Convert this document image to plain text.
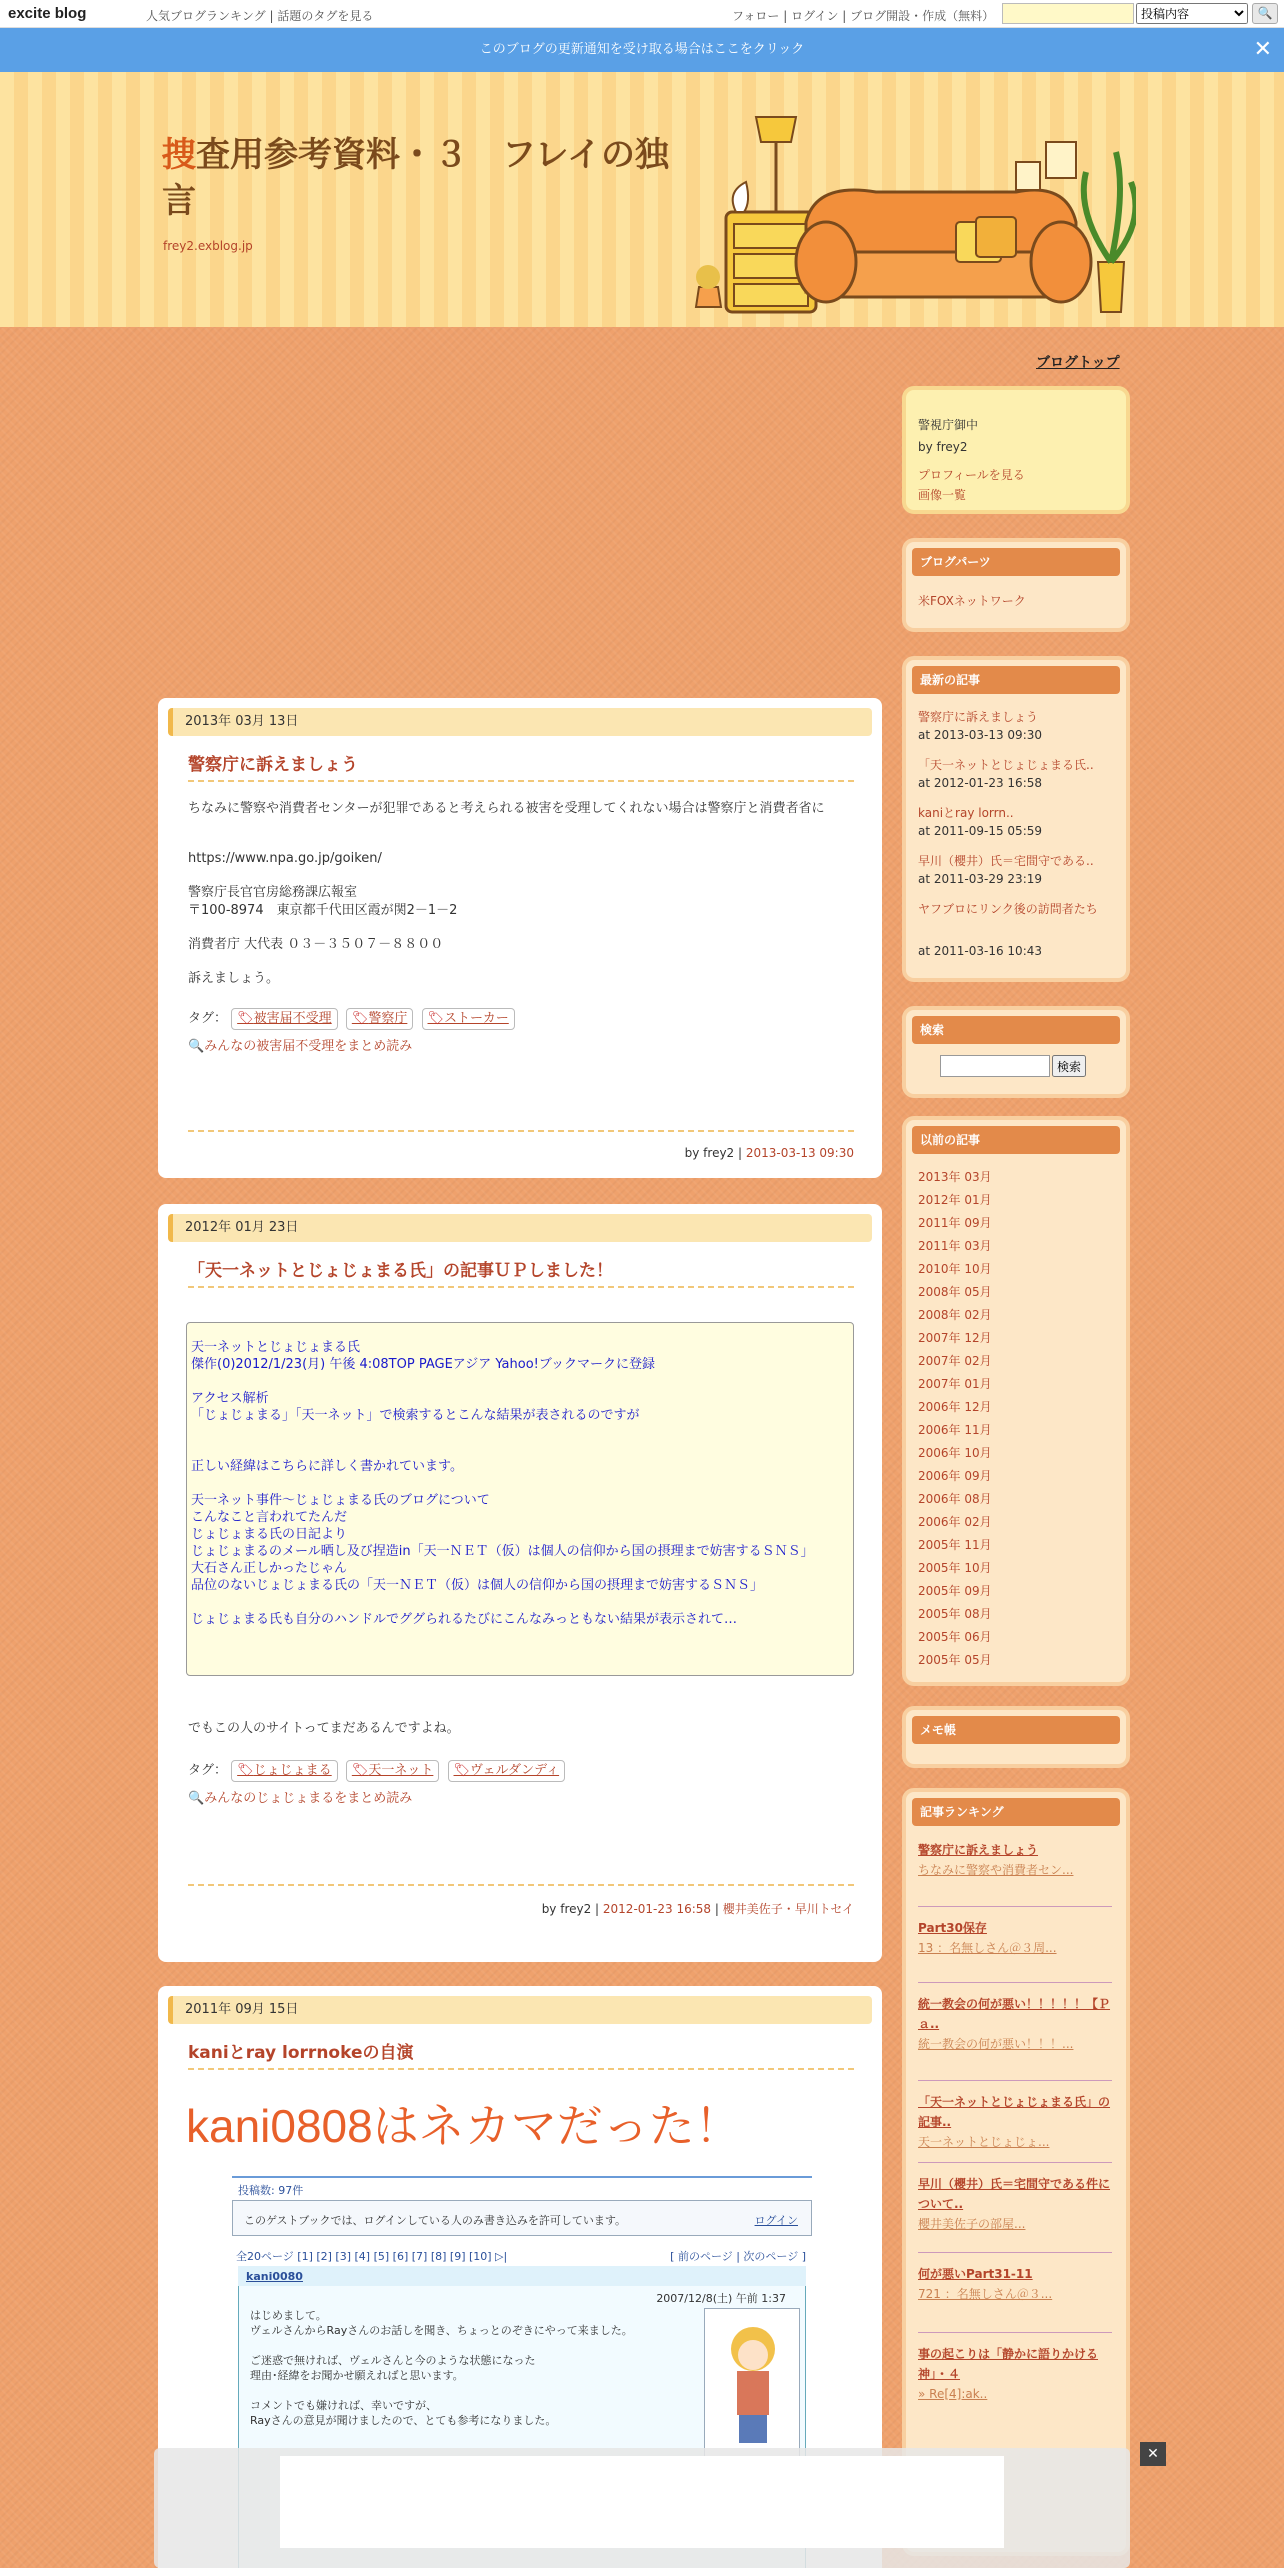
excite blog	人気ブログランキング | 話題のタグを見る	フォロー | ログイン | ブログ開設・作成（無料）
投稿内容	🔍
このブログの更新通知を受け取る場合はここをクリック	✕
捜査用参考資料・３　フレイの独言
frey2.exblog.jp
ブログトップ
2013年 03月 13日
警察庁に訴えましょう
ちなみに警察や消費者センターが犯罪であると考えられる被害を受理してくれない場合は警察庁と消費者省に
https://www.npa.go.jp/goiken/
警察庁長官官房総務課広報室
〒100-8974　東京都千代田区霞が関2－1－2
消費者庁 大代表 ０３－３５０７－８８００
訴えましょう。
タグ： 🏷被害届不受理 🏷警察庁 🏷ストーカー
🔍みんなの被害届不受理をまとめ読み
by frey2 | 2013-03-13 09:30
2012年 01月 23日
「天一ネットとじょじょまる氏」の記事ＵＰしました！
天一ネットとじょじょまる氏
傑作(0)2012/1/23(月) 午後 4:08TOP PAGEアジア Yahoo!ブックマークに登録

アクセス解析
「じょじょまる」「天一ネット」で検索するとこんな結果が表されるのですが

正しい経緯はこちらに詳しく書かれています。

天一ネット事件～じょじょまる氏のブログについて
こんなこと言われてたんだ
じょじょまる氏の日記より
じょじょまるのメール晒し及び捏造in「天一ＮＥＴ（仮）は個人の信仰から国の摂理まで妨害するＳＮＳ」
大石さん正しかったじゃん
品位のないじょじょまる氏の「天一ＮＥＴ（仮）は個人の信仰から国の摂理まで妨害するＳＮＳ」

じょじょまる氏も自分のハンドルでググられるたびにこんなみっともない結果が表示されて…
でもこの人のサイトってまだあるんですよね。
タグ： 🏷じょじょまる 🏷天一ネット 🏷ヴェルダンディ
🔍みんなのじょじょまるをまとめ読み
by frey2 | 2012-01-23 16:58 | 櫻井美佐子・早川トセイ
2011年 09月 15日
kaniとray lorrnokeの自演
kani0808はネカマだった！
投稿数: 97件
このゲストブックでは、ログインしている人のみ書き込みを許可しています。	ログイン
全20ページ [1] [2] [3] [4] [5] [6] [7] [8] [9] [10] ▷|	[ 前のページ | 次のページ ]
kani0080
2007/12/8(土) 午前 1:37
はじめまして。
ヴェルさんからRayさんのお話しを聞き、ちょっとのぞきにやって来ました。

ご迷惑で無ければ、ヴェルさんと今のような状態になった
理由･経緯をお聞かせ願えればと思います。

コメントでも嫌ければ、幸いですが、
Rayさんの意見が聞けましたので、とても参考になりました。
警視庁御中
by frey2
プロフィールを見る
画像一覧
ブログパーツ
米FOXネットワーク
最新の記事
警察庁に訴えましょう
at 2013-03-13 09:30
「天一ネットとじょじょまる氏..
at 2012-01-23 16:58
kaniとray lorrn..
at 2011-09-15 05:59
早川（櫻井）氏＝宅間守である..
at 2011-03-29 23:19
ヤフブロにリンク後の訪問者たち
at 2011-03-16 10:43
検索
検索
以前の記事
2013年 03月
2012年 01月
2011年 09月
2011年 03月
2010年 10月
2008年 05月
2008年 02月
2007年 12月
2007年 02月
2007年 01月
2006年 12月
2006年 11月
2006年 10月
2006年 09月
2006年 08月
2006年 02月
2005年 11月
2005年 10月
2005年 09月
2005年 08月
2005年 06月
2005年 05月
メモ帳
記事ランキング
警察庁に訴えましょう
ちなみに警察や消費者セン...
Part30保存
13 ：名無しさん＠３周...
統一教会の何が悪い！！！！！【Ｐａ..
統一教会の何が悪い！！！...
「天一ネットとじょじょまる氏」の記事..
天一ネットとじょじょ...
早川（櫻井）氏＝宅間守である件について..
櫻井美佐子の部屋...
何が悪いPart31-11
721 ：名無しさん＠３...
事の起こりは「静かに語りかける神」・４
» Re[4]:ak..
✕
